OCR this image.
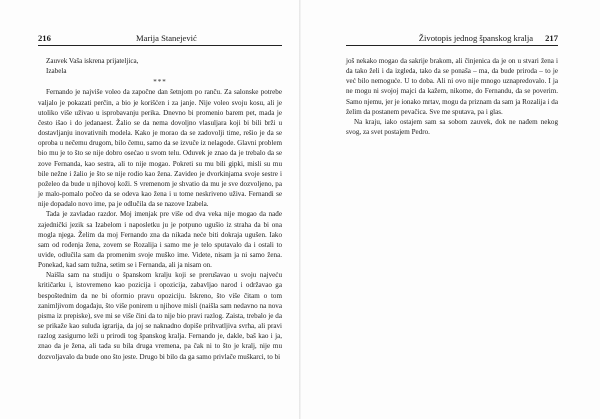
216	Marija Stanejević

Zauvek Vaša iskrena prijateljica,

Izabela

***

Fernando je najviše voleo da započne dan šetnjom po ranču. Za salonske potrebe valjalo je pokazati perčin, a bio je korišćen i za janje. Nije voleo svoju kosu, ali je utoliko više uživao u isprobavanju perika. Dnevno bi promenio barem pet, mada je često išao i do jedanaest. Žalio se da nema dovoljno vlasuljara koji bi bili brži u dostavljanju inovativnih modela. Kako je morao da se zadovolji time, rešio je da se oproba u nečemu drugom, bilo čemu, samo da se izvuče iz nelagode. Glavni problem bio mu je to što se nije dobro osećao u svom telu. Oduvek je znao da je trebalo da se zove Fernanda, kao sestra, ali to nije mogao. Pokreti su mu bili gipki, misli su mu bile nežne i žalio je što se nije rodio kao žena. Zavideo je dvorkinjama svoje sestre i poželeo da bude u njihovoj koži. S vremenom je shvatio da mu je sve dozvoljeno, pa je malo-pomalo počeo da se odeva kao žena i u tome neskriveno uživa. Fernandi se nije dopadalo novo ime, pa je odlučila da se nazove Izabela.

Tada je zavladao razdor. Moj imenjak pre više od dva veka nije mogao da nađe zajednički jezik sa Izabelom i naposletku ju je potpuno ugušio iz straha da bi ona mogla njega. Želim da moj Fernando zna da nikada neće biti dokraja ugušen. Iako sam od rođenja žena, zovem se Rozalija i samo me je telo sputavalo da i ostali to uvide, odlučila sam da promenim svoje muško ime. Videte, nisam ja ni samo žena. Ponekad, kad sam tužna, setim se i Fernanda, ali ja nisam on.

Naišla sam na studiju o španskom kralju koji se prerušavao u svoju najveću kritičarku i, istovremeno kao pozicija i opozicija, zabavljao narod i održavao ga bespoštednim da ne bi oformio pravu opoziciju. Iskreno, što više čitam o tom zanimljivom događaju, što više ponirem u njihove misli (naišla sam nedavno na nova pisma iz prepiske), sve mi se više čini da to nije bio pravi razlog. Zaista, trebalo je da se prikaže kao suluda igrarija, da joj se naknadno dopiše prihvatljiva svrha, ali pravi razlog zasigurno leži u prirodi tog španskog kralja. Fernando je, dakle, baš kao i ja, znao da je žena, ali tada su bila druga vremena, pa čak ni to što je kralj, nije mu dozvoljavalo da bude ono što jeste. Drugo bi bilo da ga samo privlače muškarci, to bi

Životopis jednog španskog kralja	217

još nekako mogao da sakrije brakom, ali činjenica da je on u stvari žena i da tako želi i da izgleda, tako da se ponaša – ma, da bude priroda – to je već bilo nemoguće. U to doba. Ali ni ovo nije mnogo uznapredovalo. I ja ne mogu ni svojoj majci da kažem, nikome, do Fernandu, da se poverim. Samo njemu, jer je ionako mrtav, mogu da priznam da sam ja Rozalija i da želim da postanem pevačica. Sve me sputava, pa i glas.

Na kraju, iako ostajem sam sa sobom zauvek, dok ne nađem nekog svog, za svet postajem Pedro.
